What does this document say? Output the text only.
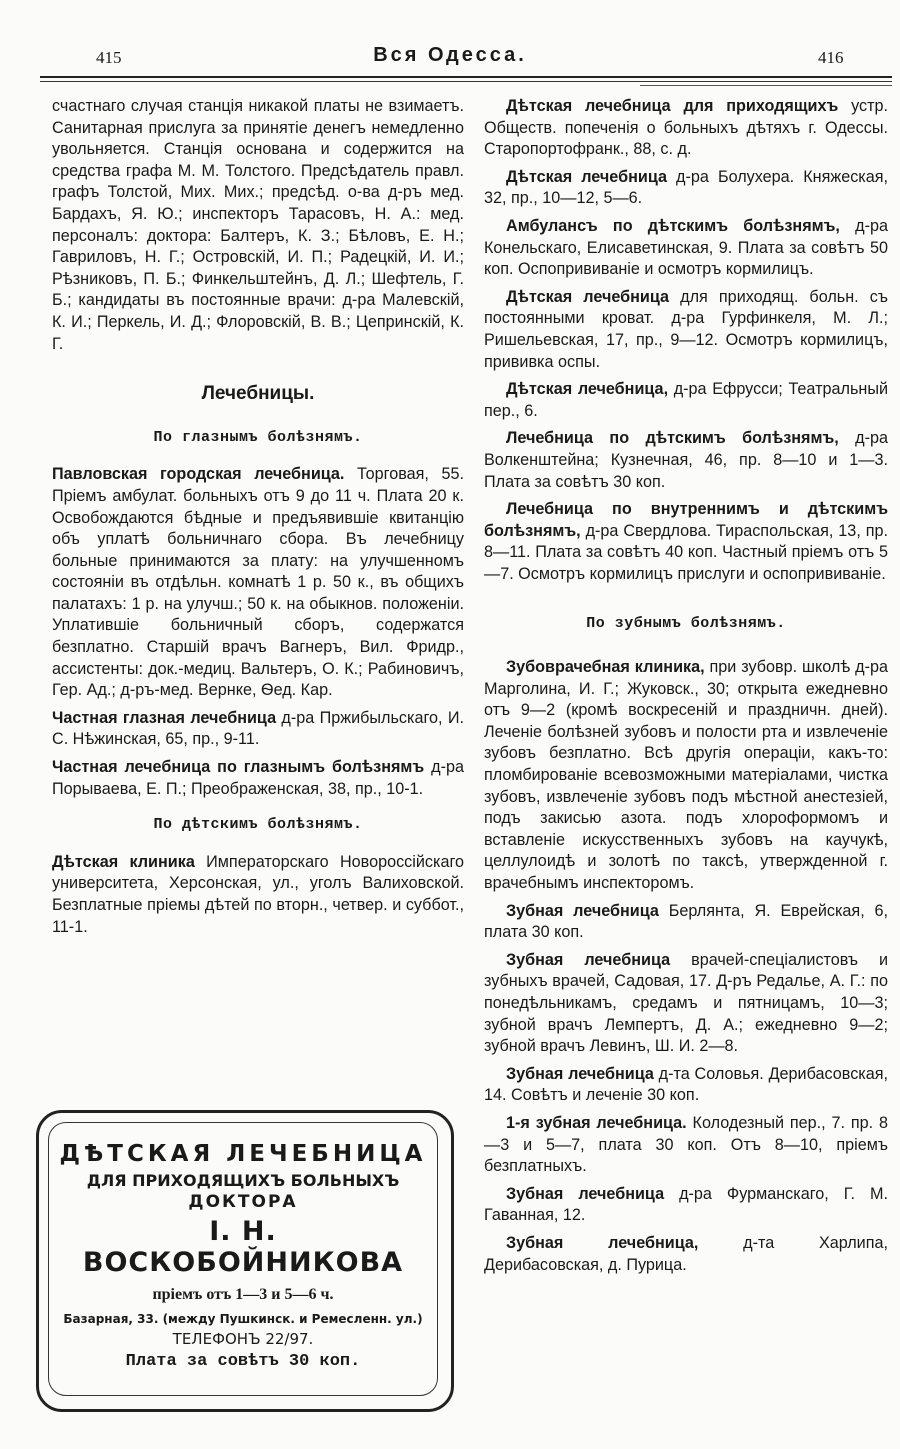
415	Вся Одесса.	416

счастнаго случая станція никакой платы не взимаетъ. Санитарная прислуга за принятіе денегъ немедленно увольняется. Станція основана и содержится на средства графа М. М. Толстого. Предсѣдатель правл. графъ Толстой, Мих. Мих.; предсѣд. о-ва д-ръ мед. Бардахъ, Я. Ю.; инспекторъ Тарасовъ, Н. А.: мед. персоналъ: доктора: Балтеръ, К. З.; Бѣловъ, Е. Н.; Гавриловъ, Н. Г.; Островскій, И. П.; Радецкій, И. И.; Рѣзниковъ, П. Б.; Финкельштейнъ, Д. Л.; Шефтель, Г. Б.; кандидаты въ постоянные врачи: д-ра Малевскій, К. И.; Перкель, И. Д.; Флоровскій, В. В.; Цепринскій, К. Г.

Лечебницы.
По глазнымъ болѣзнямъ.

Павловская городская лечебница. Торговая, 55. Пріемъ амбулат. больныхъ отъ 9 до 11 ч. Плата 20 к. Освобождаются бѣдные и предъявившіе квитанцію объ уплатѣ больничнаго сбора. Въ лечебницу больные принимаются за плату: на улучшенномъ состояніи въ отдѣльн. комнатѣ 1 р. 50 к., въ общихъ палатахъ: 1 р. на улучш.; 50 к. на обыкнов. положеніи. Уплатившіе больничный сборъ, содержатся безплатно. Старшій врачъ Вагнеръ, Вил. Фридр., ассистенты: док.-медиц. Вальтеръ, О. К.; Рабиновичъ, Гер. Ад.; д-ръ-мед. Вернке, Ѳед. Кар.

Частная глазная лечебница д-ра Пржибыльскаго, И. С. Нѣжинская, 65, пр., 9-11.

Частная лечебница по глазнымъ болѣзнямъ д-ра Порываева, Е. П.; Преображенская, 38, пр., 10-1.

По дѣтскимъ болѣзнямъ.

Дѣтская клиника Императорскаго Новороссійскаго университета, Херсонская, ул., уголъ Валиховской. Безплатные пріемы дѣтей по вторн., четвер. и суббот., 11-1.

ДѢТСКАЯ ЛЕЧЕБНИЦА
ДЛЯ ПРИХОДЯЩИХЪ БОЛЬНЫХЪ
ДОКТОРА
I. Н. ВОСКОБОЙНИКОВА
пріемъ отъ 1—3 и 5—6 ч.
Базарная, 33. (между Пушкинск. и Ремесленн. ул.)
ТЕЛЕФОНЪ 22/97.
Плата за совѣтъ 30 коп.

Дѣтская лечебница для приходящихъ устр. Обществ. попеченія о больныхъ дѣтяхъ г. Одессы. Старопортофранк., 88, с. д.

Дѣтская лечебница д-ра Болухера. Княжеская, 32, пр., 10—12, 5—6.

Амбулансъ по дѣтскимъ болѣзнямъ, д-ра Конельскаго, Елисаветинская, 9. Плата за совѣтъ 50 коп. Оспопрививаніе и осмотръ кормилицъ.

Дѣтская лечебница для приходящ. больн. съ постоянными кроват. д-ра Гурфинкеля, М. Л.; Ришельевская, 17, пр., 9—12. Осмотръ кормилицъ, прививка оспы.

Дѣтская лечебница, д-ра Ефрусси; Театральный пер., 6.

Лечебница по дѣтскимъ болѣзнямъ, д-ра Волкенштейна; Кузнечная, 46, пр. 8—10 и 1—3. Плата за совѣтъ 30 коп.

Лечебница по внутреннимъ и дѣтскимъ болѣзнямъ, д-ра Свердлова. Тираспольская, 13, пр. 8—11. Плата за совѣтъ 40 коп. Частный пріемъ отъ 5—7. Осмотръ кормилицъ прислуги и оспопрививаніе.

По зубнымъ болѣзнямъ.

Зубоврачебная клиника, при зубовр. школѣ д-ра Марголина, И. Г.; Жуковск., 30; открыта ежедневно отъ 9—2 (кромѣ воскресеній и праздничн. дней). Леченіе болѣзней зубовъ и полости рта и извлеченіе зубовъ безплатно. Всѣ другія операціи, какъ-то: пломбированіе всевозможными матеріалами, чистка зубовъ, извлеченіе зубовъ подъ мѣстной анестезіей, подъ закисью азота. подъ хлороформомъ и вставленіе искусственныхъ зубовъ на каучукѣ, целлулоидѣ и золотѣ по таксѣ, утвержденной г. врачебнымъ инспекторомъ.

Зубная лечебница Берлянта, Я. Еврейская, 6, плата 30 коп.

Зубная лечебница врачей-спеціалистовъ и зубныхъ врачей, Садовая, 17. Д-ръ Редалье, А. Г.: по понедѣльникамъ, средамъ и пятницамъ, 10—3; зубной врачъ Лемпертъ, Д. А.; ежедневно 9—2; зубной врачъ Левинъ, Ш. И. 2—8.

Зубная лечебница д-та Соловья. Дерибасовская, 14. Совѣтъ и леченіе 30 коп.

1-я зубная лечебница. Колодезный пер., 7. пр. 8—3 и 5—7, плата 30 коп. Отъ 8—10, пріемъ безплатныхъ.

Зубная лечебница д-ра Фурманскаго, Г. М. Гаванная, 12.

Зубная лечебница, д-та Харлипа, Дерибасовская, д. Пурица.
